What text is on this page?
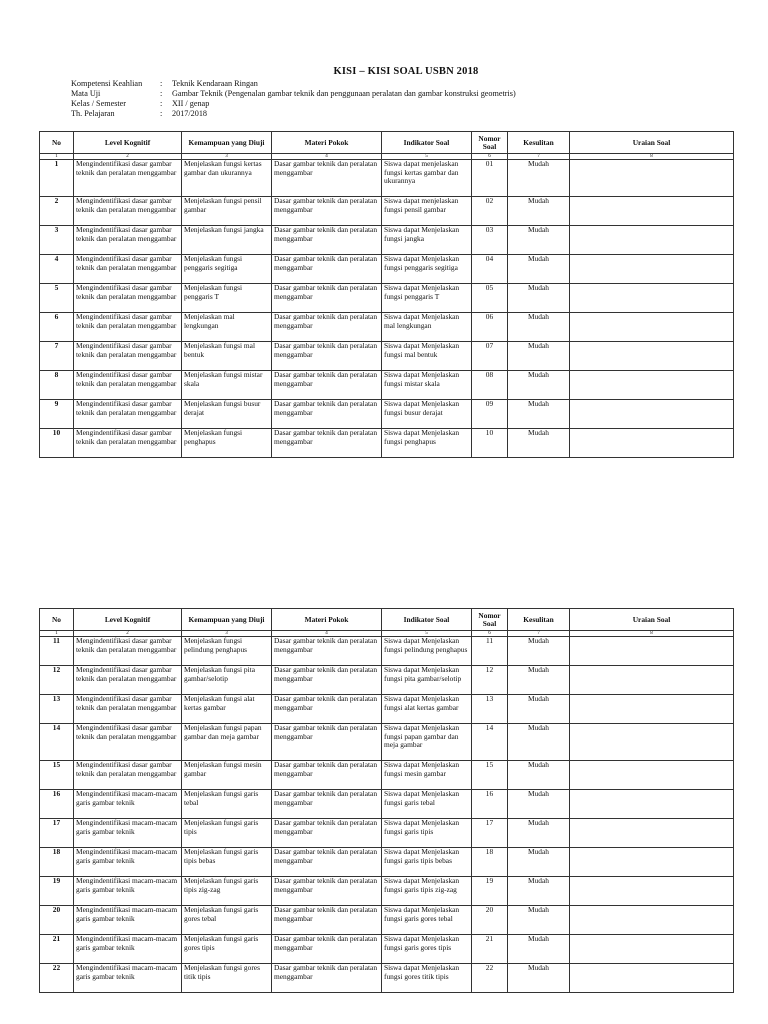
KISI – KISI SOAL USBN 2018
Kompetensi Keahlian	:	Teknik Kendaraan Ringan
Mata Uji	:	Gambar Teknik (Pengenalan gambar teknik dan penggunaan peralatan dan gambar konstruksi geometris)
Kelas / Semester	:	XII / genap
Th. Pelajaran	:	2017/2018
No	Level Kognitif	Kemampuan yang Diuji	Materi Pokok	Indikator Soal	Nomor Soal	Kesulitan	Uraian Soal
1	2	3	4	5	6	7	8
1	Mengindentifikasi dasar gambar teknik dan peralatan menggambar	Menjelaskan fungsi kertas gambar dan ukurannya	Dasar gambar teknik dan peralatan menggambar	Siswa dapat menjelaskan fungsi kertas gambar dan ukurannya	01	Mudah	
2	Mengindentifikasi dasar gambar teknik dan peralatan menggambar	Menjelaskan fungsi pensil gambar	Dasar gambar teknik dan peralatan menggambar	Siswa dapat menjelaskan fungsi pensil gambar	02	Mudah	
3	Mengindentifikasi dasar gambar teknik dan peralatan menggambar	Menjelaskan fungsi jangka	Dasar gambar teknik dan peralatan menggambar	Siswa dapat Menjelaskan fungsi jangka	03	Mudah	
4	Mengindentifikasi dasar gambar teknik dan peralatan menggambar	Menjelaskan fungsi penggaris segitiga	Dasar gambar teknik dan peralatan menggambar	Siswa dapat Menjelaskan fungsi penggaris segitiga	04	Mudah	
5	Mengindentifikasi dasar gambar teknik dan peralatan menggambar	Menjelaskan fungsi penggaris T	Dasar gambar teknik dan peralatan menggambar	Siswa dapat Menjelaskan fungsi penggaris T	05	Mudah	
6	Mengindentifikasi dasar gambar teknik dan peralatan menggambar	Menjelaskan mal lengkungan	Dasar gambar teknik dan peralatan menggambar	Siswa dapat Menjelaskan mal lengkungan	06	Mudah	
7	Mengindentifikasi dasar gambar teknik dan peralatan menggambar	Menjelaskan fungsi mal bentuk	Dasar gambar teknik dan peralatan menggambar	Siswa dapat Menjelaskan fungsi mal bentuk	07	Mudah	
8	Mengindentifikasi dasar gambar teknik dan peralatan menggambar	Menjelaskan fungsi mistar skala	Dasar gambar teknik dan peralatan menggambar	Siswa dapat Menjelaskan fungsi mistar skala	08	Mudah	
9	Mengindentifikasi dasar gambar teknik dan peralatan menggambar	Menjelaskan fungsi busur derajat	Dasar gambar teknik dan peralatan menggambar	Siswa dapat Menjelaskan fungsi busur derajat	09	Mudah	
10	Mengindentifikasi dasar gambar teknik dan peralatan menggambar	Menjelaskan fungsi penghapus	Dasar gambar teknik dan peralatan menggambar	Siswa dapat Menjelaskan fungsi penghapus	10	Mudah	
No	Level Kognitif	Kemampuan yang Diuji	Materi Pokok	Indikator Soal	Nomor Soal	Kesulitan	Uraian Soal
1	2	3	4	5	6	7	8
11	Mengindentifikasi dasar gambar teknik dan peralatan menggambar	Menjelaskan fungsi pelindung penghapus	Dasar gambar teknik dan peralatan menggambar	Siswa dapat Menjelaskan fungsi pelindung penghapus	11	Mudah	
12	Mengindentifikasi dasar gambar teknik dan peralatan menggambar	Menjelaskan fungsi pita gambar/selotip	Dasar gambar teknik dan peralatan menggambar	Siswa dapat Menjelaskan fungsi pita gambar/selotip	12	Mudah	
13	Mengindentifikasi dasar gambar teknik dan peralatan menggambar	Menjelaskan fungsi alat kertas gambar	Dasar gambar teknik dan peralatan menggambar	Siswa dapat Menjelaskan fungsi alat kertas gambar	13	Mudah	
14	Mengindentifikasi dasar gambar teknik dan peralatan menggambar	Menjelaskan fungsi papan gambar dan meja gambar	Dasar gambar teknik dan peralatan menggambar	Siswa dapat Menjelaskan fungsi papan gambar dan meja gambar	14	Mudah	
15	Mengindentifikasi dasar gambar teknik dan peralatan menggambar	Menjelaskan fungsi mesin gambar	Dasar gambar teknik dan peralatan menggambar	Siswa dapat Menjelaskan fungsi mesin gambar	15	Mudah	
16	Mengindentifikasi macam-macam garis gambar teknik	Menjelaskan fungsi garis tebal	Dasar gambar teknik dan peralatan menggambar	Siswa dapat Menjelaskan fungsi garis tebal	16	Mudah	
17	Mengindentifikasi macam-macam garis gambar teknik	Menjelaskan fungsi garis tipis	Dasar gambar teknik dan peralatan menggambar	Siswa dapat Menjelaskan fungsi garis tipis	17	Mudah	
18	Mengindentifikasi macam-macam garis gambar teknik	Menjelaskan fungsi garis tipis bebas	Dasar gambar teknik dan peralatan menggambar	Siswa dapat Menjelaskan fungsi garis tipis bebas	18	Mudah	
19	Mengindentifikasi macam-macam garis gambar teknik	Menjelaskan fungsi garis tipis zig-zag	Dasar gambar teknik dan peralatan menggambar	Siswa dapat Menjelaskan fungsi garis tipis zig-zag	19	Mudah	
20	Mengindentifikasi macam-macam garis gambar teknik	Menjelaskan fungsi garis gores tebal	Dasar gambar teknik dan peralatan menggambar	Siswa dapat Menjelaskan fungsi garis gores tebal	20	Mudah	
21	Mengindentifikasi macam-macam garis gambar teknik	Menjelaskan fungsi garis gores tipis	Dasar gambar teknik dan peralatan menggambar	Siswa dapat Menjelaskan fungsi garis gores tipis	21	Mudah	
22	Mengindentifikasi macam-macam garis gambar teknik	Menjelaskan fungsi gores titik tipis	Dasar gambar teknik dan peralatan menggambar	Siswa dapat Menjelaskan fungsi gores titik tipis	22	Mudah	
